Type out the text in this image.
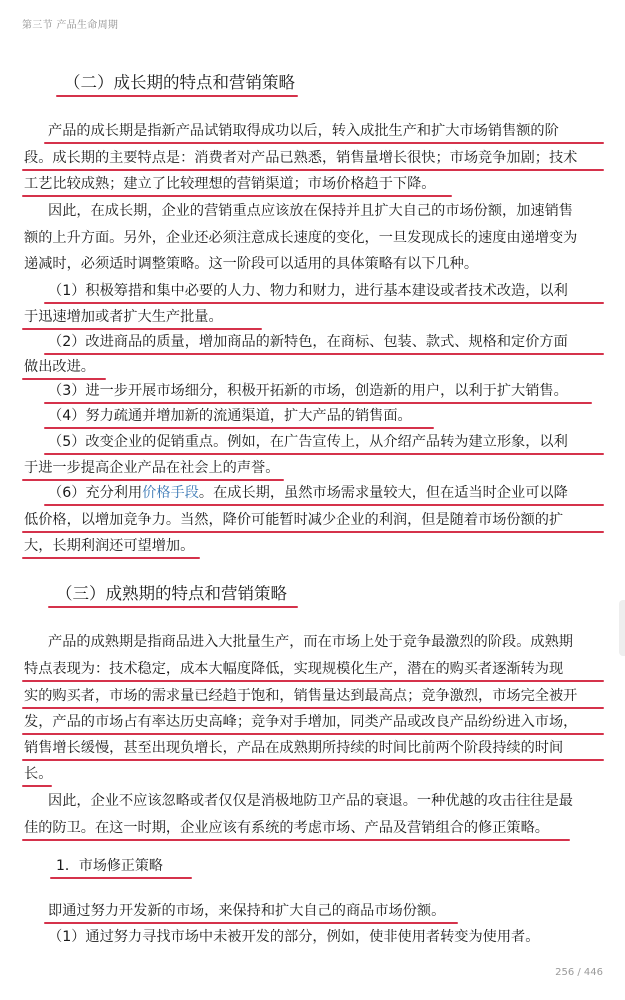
第三节 产品生命周期
（二）成长期的特点和营销策略
产品的成长期是指新产品试销取得成功以后，转入成批生产和扩大市场销售额的阶
段。成长期的主要特点是：消费者对产品已熟悉，销售量增长很快；市场竞争加剧；技术
工艺比较成熟；建立了比较理想的营销渠道；市场价格趋于下降。
因此，在成长期，企业的营销重点应该放在保持并且扩大自己的市场份额，加速销售
额的上升方面。另外，企业还必须注意成长速度的变化，一旦发现成长的速度由递增变为
递减时，必须适时调整策略。这一阶段可以适用的具体策略有以下几种。
（1）积极筹措和集中必要的人力、物力和财力，进行基本建设或者技术改造，以利
于迅速增加或者扩大生产批量。
（2）改进商品的质量，增加商品的新特色，在商标、包装、款式、规格和定价方面
做出改进。
（3）进一步开展市场细分，积极开拓新的市场，创造新的用户，以利于扩大销售。
（4）努力疏通并增加新的流通渠道，扩大产品的销售面。
（5）改变企业的促销重点。例如，在广告宣传上，从介绍产品转为建立形象，以利
于进一步提高企业产品在社会上的声誉。
（6）充分利用价格手段。在成长期，虽然市场需求量较大，但在适当时企业可以降
低价格，以增加竞争力。当然，降价可能暂时减少企业的利润，但是随着市场份额的扩
大，长期利润还可望增加。
（三）成熟期的特点和营销策略
产品的成熟期是指商品进入大批量生产，而在市场上处于竞争最激烈的阶段。成熟期
特点表现为：技术稳定，成本大幅度降低，实现规模化生产，潜在的购买者逐渐转为现
实的购买者，市场的需求量已经趋于饱和，销售量达到最高点；竞争激烈，市场完全被开
发，产品的市场占有率达历史高峰；竞争对手增加，同类产品或改良产品纷纷进入市场，
销售增长缓慢，甚至出现负增长，产品在成熟期所持续的时间比前两个阶段持续的时间
长。
因此，企业不应该忽略或者仅仅是消极地防卫产品的衰退。一种优越的攻击往往是最
佳的防卫。在这一时期，企业应该有系统的考虑市场、产品及营销组合的修正策略。
1．市场修正策略
即通过努力开发新的市场，来保持和扩大自己的商品市场份额。
（1）通过努力寻找市场中未被开发的部分，例如，使非使用者转变为使用者。
256 / 446
